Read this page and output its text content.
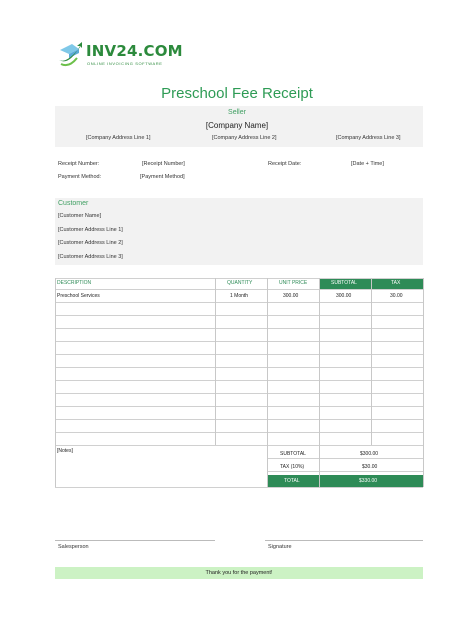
INV24.COM
ONLINE INVOICING SOFTWARE
Preschool Fee Receipt
Seller
[Company Name]
[Company Address Line 1]	[Company Address Line 2]	[Company Address Line 3]
Receipt Number:	[Receipt Number]	Receipt Date:	[Date + Time]
Payment Method:	[Payment Method]
Customer
[Customer Name]
[Customer Address Line 1]
[Customer Address Line 2]
[Customer Address Line 3]
DESCRIPTION	QUANTITY	UNIT PRICE	SUBTOTAL	TAX
Preschool Services	1 Month	300.00	300.00	30.00
[Notes]	SUBTOTAL	$300.00
TAX (10%)	$30.00
TOTAL	$330.00
Salesperson	Signature
Thank you for the payment!
